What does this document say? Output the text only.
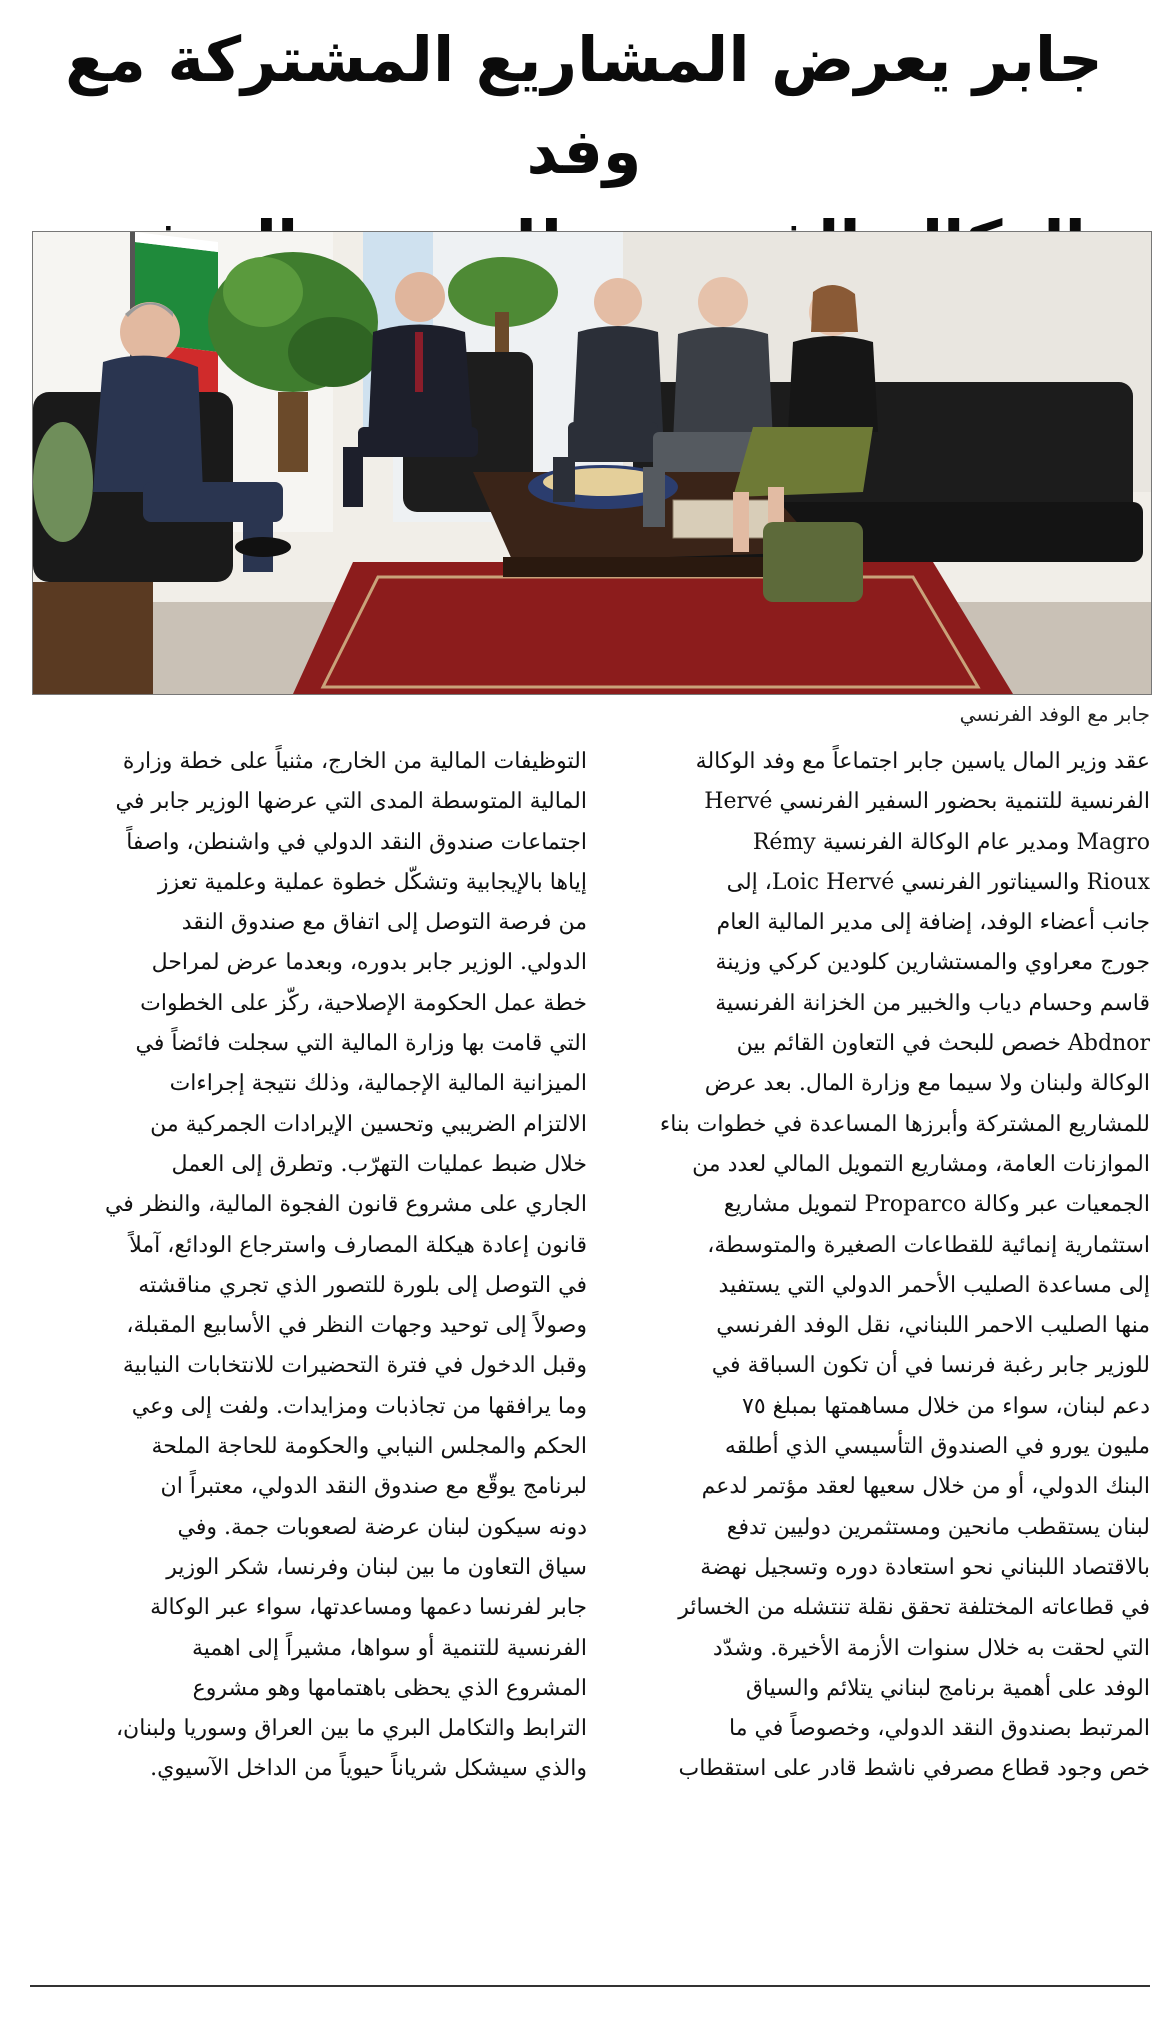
جابر يعرض المشاريع المشتركة مع وفد
جابر مع الوفد الفرنسي
عقد وزير المال ياسين جابر اجتماعاً مع وفد الوكالة
الفرنسية للتنمية بحضور السفير الفرنسي Hervé
Magro ومدير عام الوكالة الفرنسية Rémy
Rioux والسيناتور الفرنسي Loic Hervé، إلى
جانب أعضاء الوفد، إضافة إلى مدير المالية العام
جورج معراوي والمستشارين كلودين كركي وزينة
قاسم وحسام دياب والخبير من الخزانة الفرنسية
Abdnor خصص للبحث في التعاون القائم بين
الوكالة ولبنان ولا سيما مع وزارة المال. بعد عرض
للمشاريع المشتركة وأبرزها المساعدة في خطوات بناء
الموازنات العامة، ومشاريع التمويل المالي لعدد من
الجمعيات عبر وكالة Proparco لتمويل مشاريع
استثمارية إنمائية للقطاعات الصغيرة والمتوسطة،
إلى مساعدة الصليب الأحمر الدولي التي يستفيد
منها الصليب الاحمر اللبناني، نقل الوفد الفرنسي
للوزير جابر رغبة فرنسا في أن تكون السباقة في
دعم لبنان، سواء من خلال مساهمتها بمبلغ ٧٥
مليون يورو في الصندوق التأسيسي الذي أطلقه
البنك الدولي، أو من خلال سعيها لعقد مؤتمر لدعم
لبنان يستقطب مانحين ومستثمرين دوليين تدفع
بالاقتصاد اللبناني نحو استعادة دوره وتسجيل نهضة
في قطاعاته المختلفة تحقق نقلة تنتشله من الخسائر
التي لحقت به خلال سنوات الأزمة الأخيرة. وشدّد
الوفد على أهمية برنامج لبناني يتلائم والسياق
المرتبط بصندوق النقد الدولي، وخصوصاً في ما
خص وجود قطاع مصرفي ناشط قادر على استقطاب
التوظيفات المالية من الخارج، مثنياً على خطة وزارة
المالية المتوسطة المدى التي عرضها الوزير جابر في
اجتماعات صندوق النقد الدولي في واشنطن، واصفاً
إياها بالإيجابية وتشكّل خطوة عملية وعلمية تعزز
من فرصة التوصل إلى اتفاق مع صندوق النقد
الدولي. الوزير جابر بدوره، وبعدما عرض لمراحل
خطة عمل الحكومة الإصلاحية، ركّز على الخطوات
التي قامت بها وزارة المالية التي سجلت فائضاً في
الميزانية المالية الإجمالية، وذلك نتيجة إجراءات
الالتزام الضريبي وتحسين الإيرادات الجمركية من
خلال ضبط عمليات التهرّب. وتطرق إلى العمل
الجاري على مشروع قانون الفجوة المالية، والنظر في
قانون إعادة هيكلة المصارف واسترجاع الودائع، آملاً
في التوصل إلى بلورة للتصور الذي تجري مناقشته
وصولاً إلى توحيد وجهات النظر في الأسابيع المقبلة،
وقبل الدخول في فترة التحضيرات للانتخابات النيابية
وما يرافقها من تجاذبات ومزايدات. ولفت إلى وعي
الحكم والمجلس النيابي والحكومة للحاجة الملحة
لبرنامج يوقّع مع صندوق النقد الدولي، معتبراً ان
دونه سيكون لبنان عرضة لصعوبات جمة. وفي
سياق التعاون ما بين لبنان وفرنسا، شكر الوزير
جابر لفرنسا دعمها ومساعدتها، سواء عبر الوكالة
الفرنسية للتنمية أو سواها، مشيراً إلى اهمية
المشروع الذي يحظى باهتمامها وهو مشروع
الترابط والتكامل البري ما بين العراق وسوريا ولبنان،
والذي سيشكل شرياناً حيوياً من الداخل الآسيوي.
